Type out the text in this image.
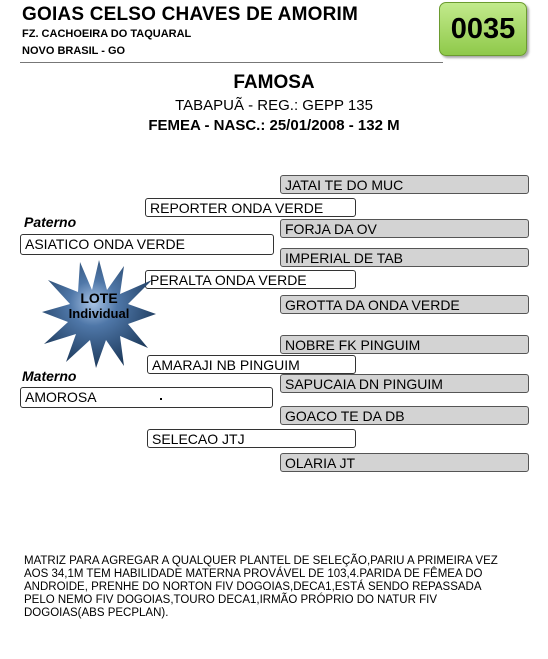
GOIAS CELSO CHAVES DE AMORIM
FZ. CACHOEIRA DO TAQUARAL
NOVO BRASIL - GO
0035
FAMOSA
TABAPUÃ - REG.: GEPP 135
FEMEA - NASC.: 25/01/2008 - 132 M
JATAI TE DO MUC
FORJA DA OV
IMPERIAL DE TAB
GROTTA DA ONDA VERDE
NOBRE FK PINGUIM
SAPUCAIA DN PINGUIM
GOACO TE DA DB
OLARIA JT
REPORTER ONDA VERDE
PERALTA ONDA VERDE
AMARAJI NB PINGUIM
SELECAO JTJ
Paterno
ASIATICO ONDA VERDE
Materno
AMOROSA
LOTE
Individual
MATRIZ PARA AGREGAR A QUALQUER PLANTEL DE SELEÇÃO,PARIU A PRIMEIRA VEZ AOS 34,1M TEM HABILIDADE MATERNA PROVÁVEL DE 103,4.PARIDA DE FÊMEA DO ANDROIDE, PRENHE DO NORTON FIV DOGOIAS,DECA1,ESTÁ SENDO REPASSADA PELO NEMO FIV DOGOIAS,TOURO DECA1,IRMÃO PRÓPRIO DO NATUR FIV DOGOIAS(ABS PECPLAN).
